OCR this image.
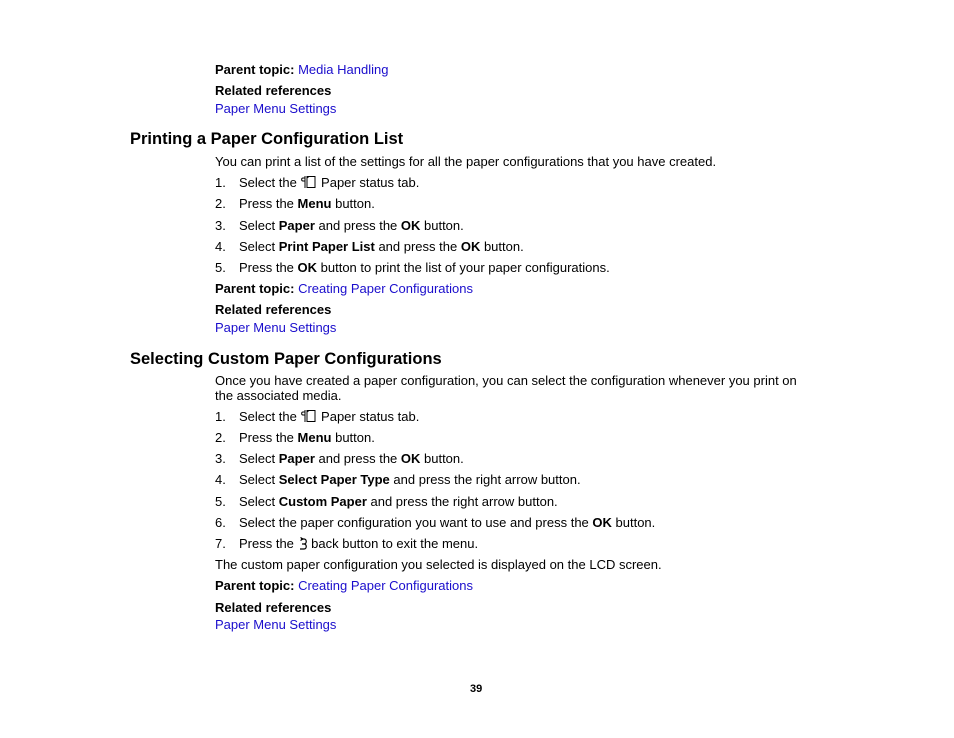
Parent topic: Media Handling
Related references
Paper Menu Settings
Printing a Paper Configuration List
You can print a list of the settings for all the paper configurations that you have created.
1. Select the  Paper status tab.
2. Press the Menu button.
3. Select Paper and press the OK button.
4. Select Print Paper List and press the OK button.
5. Press the OK button to print the list of your paper configurations.
Parent topic: Creating Paper Configurations
Related references
Paper Menu Settings
Selecting Custom Paper Configurations
Once you have created a paper configuration, you can select the configuration whenever you print on
the associated media.
1. Select the  Paper status tab.
2. Press the Menu button.
3. Select Paper and press the OK button.
4. Select Select Paper Type and press the right arrow button.
5. Select Custom Paper and press the right arrow button.
6. Select the paper configuration you want to use and press the OK button.
7. Press the  back button to exit the menu.
The custom paper configuration you selected is displayed on the LCD screen.
Parent topic: Creating Paper Configurations
Related references
Paper Menu Settings
39
